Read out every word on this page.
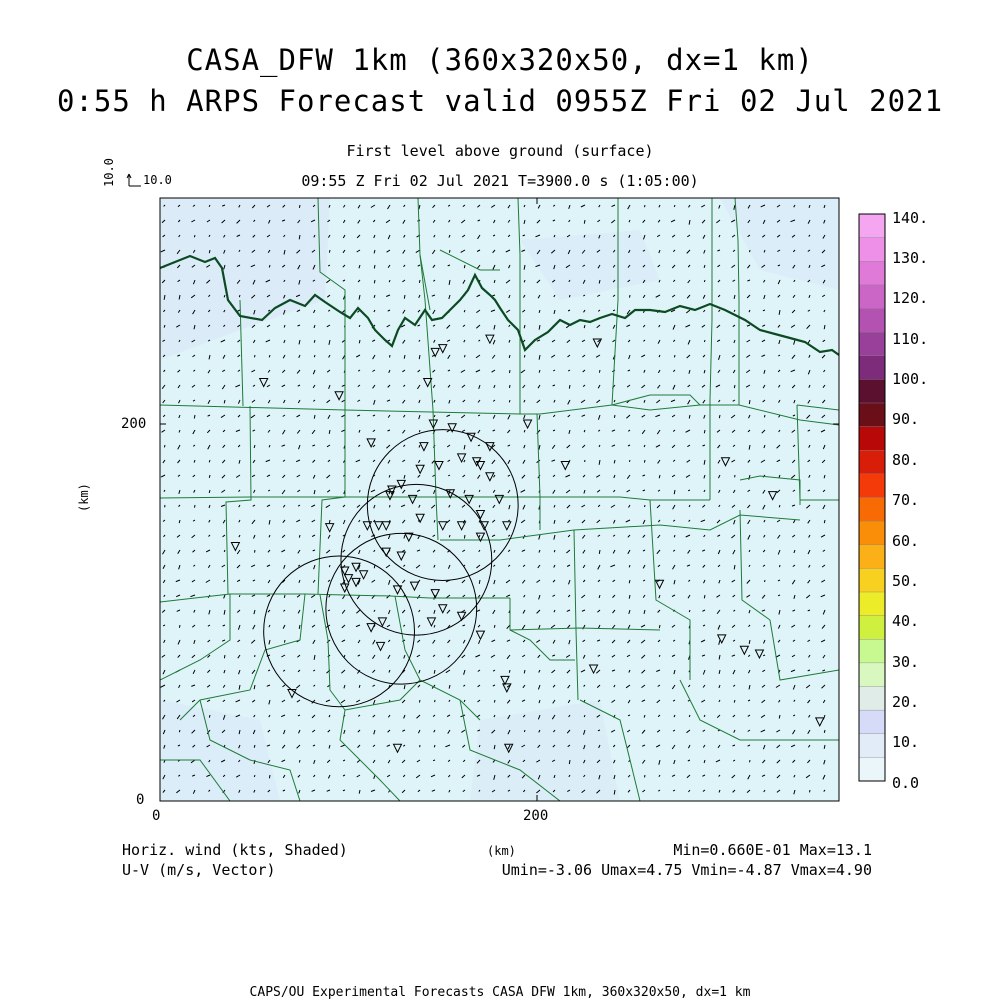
CASA_DFW 1km (360x320x50, dx=1 km)
0:55 h ARPS Forecast valid 0955Z Fri 02 Jul 2021
First level above ground (surface)
09:55 Z Fri 02 Jul 2021 T=3900.0 s (1:05:00)
10.0 10.0
0	200
0
200
(km)
(km)
140.
130.
120.
110.
100.
90.
80.
70.
60.
50.
40.
30.
20.
10.
0.0
Horiz. wind (kts, Shaded)
U-V (m/s, Vector)
Min=0.660E-01 Max=13.1
Umin=-3.06 Umax=4.75 Vmin=-4.87 Vmax=4.90
CAPS/OU Experimental Forecasts CASA DFW 1km, 360x320x50, dx=1 km
